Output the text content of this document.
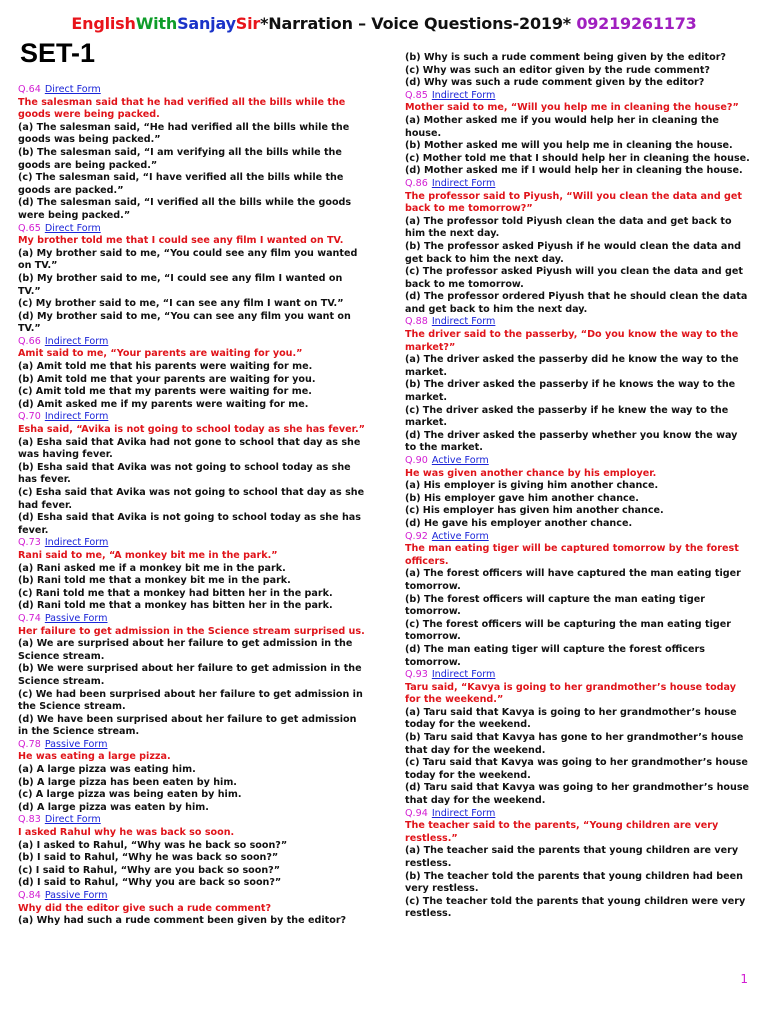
EnglishWithSanjaySir*Narration – Voice Questions-2019* 09219261173
SET-1

Q.64 Direct Form

The salesman said that he had verified all the bills while the goods were being packed.

(a) The salesman said, “He had verified all the bills while the goods was being packed.”

(b) The salesman said, “I am verifying all the bills while the goods are being packed.”

(c) The salesman said, “I have verified all the bills while the goods are packed.”

(d) The salesman said, “I verified all the bills while the goods were being packed.”

Q.65 Direct Form

My brother told me that I could see any film I wanted on TV.

(a) My brother said to me, “You could see any film you wanted on TV.”

(b) My brother said to me, “I could see any film I wanted on TV.”

(c) My brother said to me, “I can see any film I want on TV.”

(d) My brother said to me, “You can see any film you want on TV.”

Q.66 Indirect Form

Amit said to me, “Your parents are waiting for you.”

(a) Amit told me that his parents were waiting for me.

(b) Amit told me that your parents are waiting for you.

(c) Amit told me that my parents were waiting for me.

(d) Amit asked me if my parents were waiting for me.

Q.70 Indirect Form

Esha said, “Avika is not going to school today as she has fever.”

(a) Esha said that Avika had not gone to school that day as she was having fever.

(b) Esha said that Avika was not going to school today as she has fever.

(c) Esha said that Avika was not going to school that day as she had fever.

(d) Esha said that Avika is not going to school today as she has fever.

Q.73 Indirect Form

Rani said to me, “A monkey bit me in the park.”

(a) Rani asked me if a monkey bit me in the park.

(b) Rani told me that a monkey bit me in the park.

(c) Rani told me that a monkey had bitten her in the park.

(d) Rani told me that a monkey has bitten her in the park.

Q.74 Passive Form

Her failure to get admission in the Science stream surprised us.

(a) We are surprised about her failure to get admission in the Science stream.

(b) We were surprised about her failure to get admission in the Science stream.

(c) We had been surprised about her failure to get admission in the Science stream.

(d) We have been surprised about her failure to get admission in the Science stream.

Q.78 Passive Form

He was eating a large pizza.

(a) A large pizza was eating him.

(b) A large pizza has been eaten by him.

(c) A large pizza was being eaten by him.

(d) A large pizza was eaten by him.

Q.83 Direct Form

I asked Rahul why he was back so soon.

(a) I asked to Rahul, “Why was he back so soon?”

(b) I said to Rahul, “Why he was back so soon?”

(c) I said to Rahul, “Why are you back so soon?”

(d) I said to Rahul, “Why you are back so soon?”

Q.84 Passive Form

Why did the editor give such a rude comment?

(a) Why had such a rude comment been given by the editor?

(b) Why is such a rude comment being given by the editor?

(c) Why was such an editor given by the rude comment?

(d) Why was such a rude comment given by the editor?

Q.85 Indirect Form

Mother said to me, “Will you help me in cleaning the house?”

(a) Mother asked me if you would help her in cleaning the house.

(b) Mother asked me will you help me in cleaning the house.

(c) Mother told me that I should help her in cleaning the house.

(d) Mother asked me if I would help her in cleaning the house.

Q.86 Indirect Form

The professor said to Piyush, “Will you clean the data and get back to me tomorrow?”

(a) The professor told Piyush clean the data and get back to him the next day.

(b) The professor asked Piyush if he would clean the data and get back to him the next day.

(c) The professor asked Piyush will you clean the data and get back to me tomorrow.

(d) The professor ordered Piyush that he should clean the data and get back to him the next day.

Q.88 Indirect Form

The driver said to the passerby, “Do you know the way to the market?”

(a) The driver asked the passerby did he know the way to the market.

(b) The driver asked the passerby if he knows the way to the market.

(c) The driver asked the passerby if he knew the way to the market.

(d) The driver asked the passerby whether you know the way to the market.

Q.90 Active Form

He was given another chance by his employer.

(a) His employer is giving him another chance.

(b) His employer gave him another chance.

(c) His employer has given him another chance.

(d) He gave his employer another chance.

Q.92 Active Form

The man eating tiger will be captured tomorrow by the forest officers.

(a) The forest officers will have captured the man eating tiger tomorrow.

(b) The forest officers will capture the man eating tiger tomorrow.

(c) The forest officers will be capturing the man eating tiger tomorrow.

(d) The man eating tiger will capture the forest officers tomorrow.

Q.93 Indirect Form

Taru said, “Kavya is going to her grandmother’s house today for the weekend.”

(a) Taru said that Kavya is going to her grandmother’s house today for the weekend.

(b) Taru said that Kavya has gone to her grandmother’s house that day for the weekend.

(c) Taru said that Kavya was going to her grandmother’s house today for the weekend.

(d) Taru said that Kavya was going to her grandmother’s house that day for the weekend.

Q.94 Indirect Form

The teacher said to the parents, “Young children are very restless.”

(a) The teacher said the parents that young children are very restless.

(b) The teacher told the parents that young children had been very restless.

(c) The teacher told the parents that young children were very restless.

1
